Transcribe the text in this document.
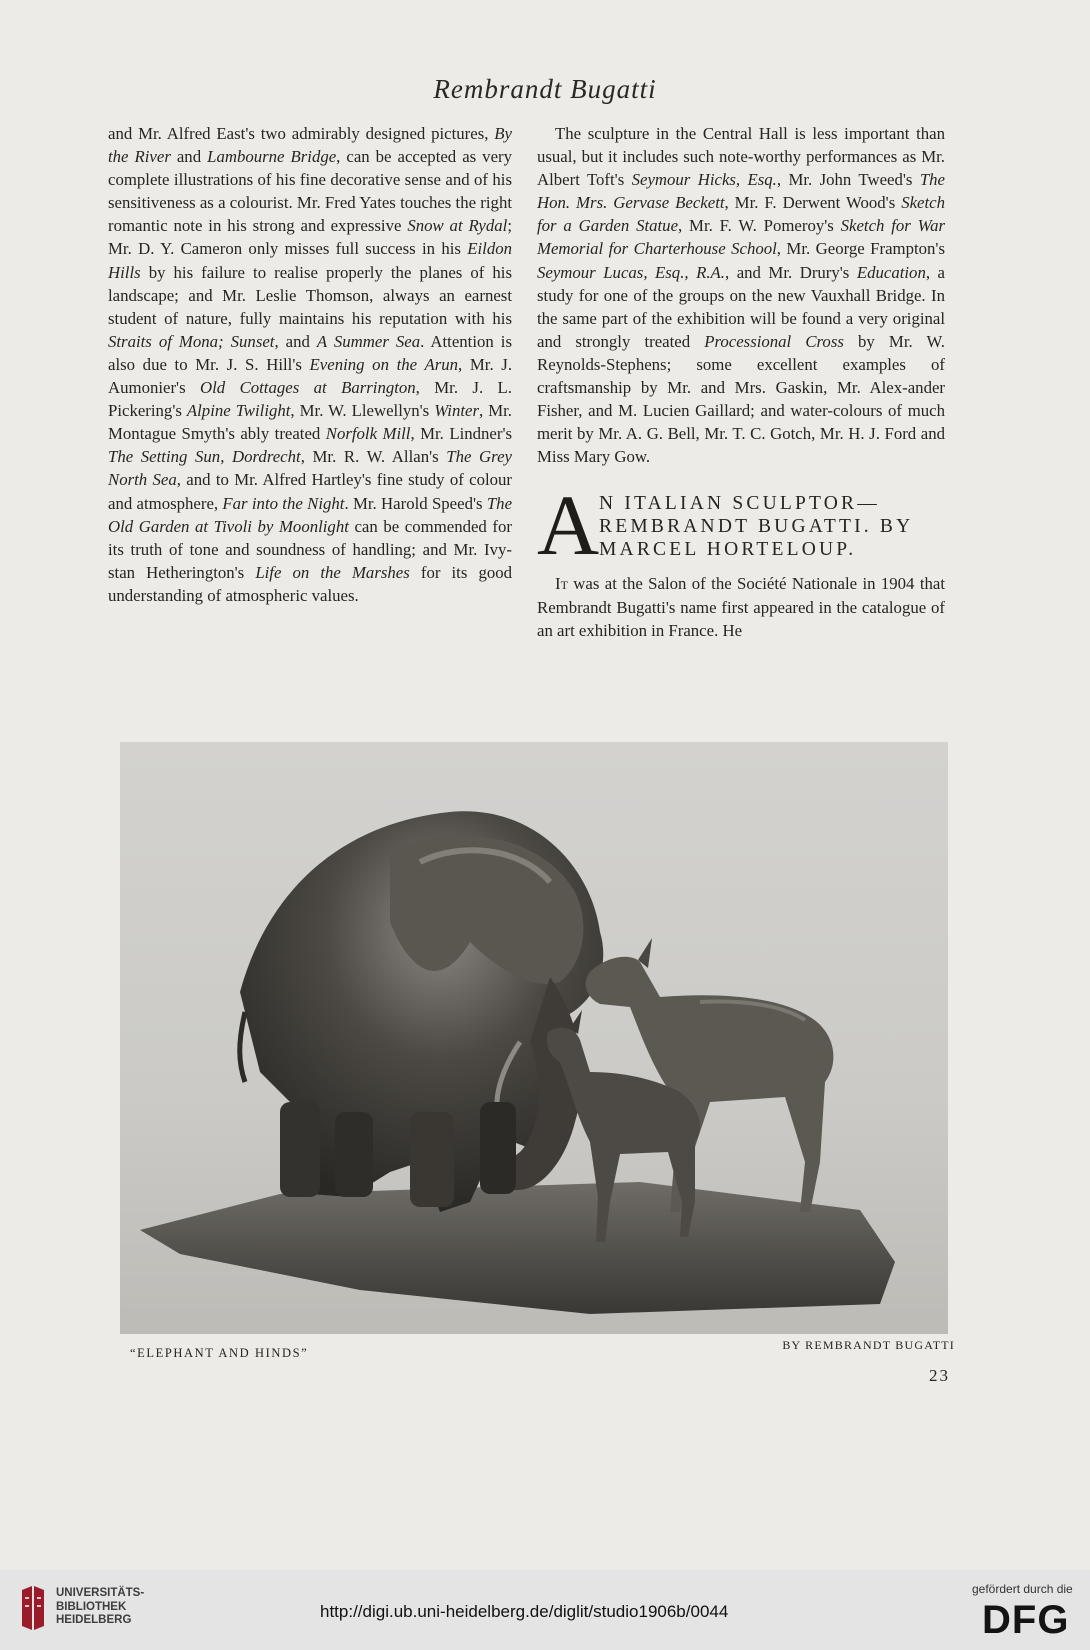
Rembrandt Bugatti

and Mr. Alfred East's two admirably designed pictures, By the River and Lambourne Bridge, can be accepted as very complete illustrations of his fine decorative sense and of his sensitiveness as a colourist. Mr. Fred Yates touches the right romantic note in his strong and expressive Snow at Rydal; Mr. D. Y. Cameron only misses full success in his Eildon Hills by his failure to realise properly the planes of his landscape; and Mr. Leslie Thomson, always an earnest student of nature, fully maintains his reputation with his Straits of Mona; Sunset, and A Summer Sea. Attention is also due to Mr. J. S. Hill's Evening on the Arun, Mr. J. Aumonier's Old Cottages at Barrington, Mr. J. L. Pickering's Alpine Twilight, Mr. W. Llewellyn's Winter, Mr. Montague Smyth's ably treated Norfolk Mill, Mr. Lindner's The Setting Sun, Dordrecht, Mr. R. W. Allan's The Grey North Sea, and to Mr. Alfred Hartley's fine study of colour and atmosphere, Far into the Night. Mr. Harold Speed's The Old Garden at Tivoli by Moonlight can be commended for its truth of tone and soundness of handling; and Mr. Ivy-stan Hetherington's Life on the Marshes for its good understanding of atmospheric values.

The sculpture in the Central Hall is less important than usual, but it includes such note-worthy performances as Mr. Albert Toft's Seymour Hicks, Esq., Mr. John Tweed's The Hon. Mrs. Gervase Beckett, Mr. F. Derwent Wood's Sketch for a Garden Statue, Mr. F. W. Pomeroy's Sketch for War Memorial for Charterhouse School, Mr. George Frampton's Seymour Lucas, Esq., R.A., and Mr. Drury's Education, a study for one of the groups on the new Vauxhall Bridge. In the same part of the exhibition will be found a very original and strongly treated Processional Cross by Mr. W. Reynolds-Stephens; some excellent examples of craftsmanship by Mr. and Mrs. Gaskin, Mr. Alex-ander Fisher, and M. Lucien Gaillard; and water-colours of much merit by Mr. A. G. Bell, Mr. T. C. Gotch, Mr. H. J. Ford and Miss Mary Gow.

A N ITALIAN SCULPTOR—
REMBRANDT BUGATTI. BY
MARCEL HORTELOUP.

It was at the Salon of the Société Nationale in 1904 that Rembrandt Bugatti's name first appeared in the catalogue of an art exhibition in France. He

“ELEPHANT AND HINDS”
BY REMBRANDT BUGATTI
23
UNIVERSITÄTS-
BIBLIOTHEK
HEIDELBERG	http://digi.ub.uni-heidelberg.de/diglit/studio1906b/0044
gefördert durch die
DFG
